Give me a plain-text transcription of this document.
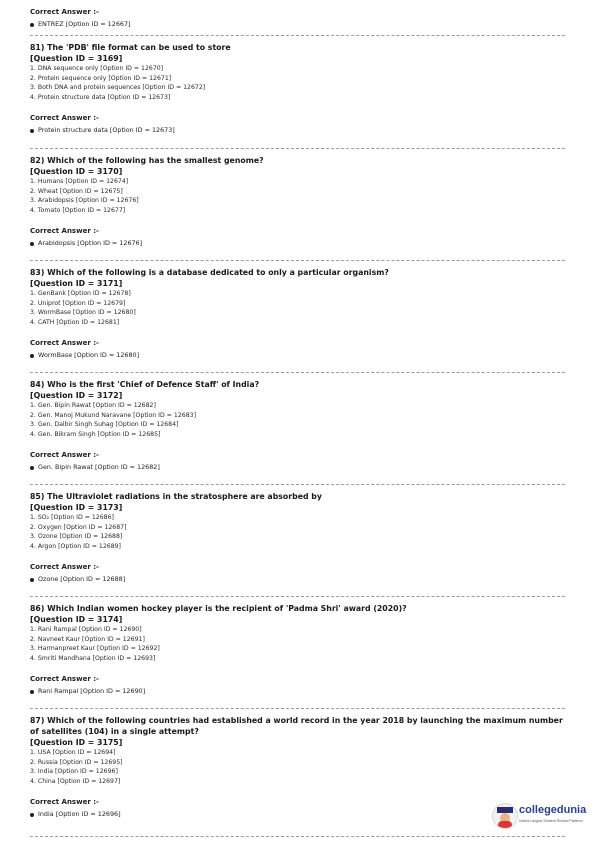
Correct Answer :-
ENTREZ [Option ID = 12667]
81) The 'PDB' file format can be used to store
[Question ID = 3169]
1. DNA sequence only [Option ID = 12670]
2. Protein sequence only [Option ID = 12671]
3. Both DNA and protein sequences [Option ID = 12672]
4. Protein structure data [Option ID = 12673]
Correct Answer :-
Protein structure data [Option ID = 12673]
82) Which of the following has the smallest genome?
[Question ID = 3170]
1. Humans [Option ID = 12674]
2. Wheat [Option ID = 12675]
3. Arabidopsis [Option ID = 12676]
4. Tomato [Option ID = 12677]
Correct Answer :-
Arabidopsis [Option ID = 12676]
83) Which of the following is a database dedicated to only a particular organism?
[Question ID = 3171]
1. GenBank [Option ID = 12678]
2. Uniprot [Option ID = 12679]
3. WormBase [Option ID = 12680]
4. CATH [Option ID = 12681]
Correct Answer :-
WormBase [Option ID = 12680]
84) Who is the first 'Chief of Defence Staff' of India?
[Question ID = 3172]
1. Gen. Bipin Rawat [Option ID = 12682]
2. Gen. Manoj Mukund Naravane [Option ID = 12683]
3. Gen. Dalbir Singh Suhag [Option ID = 12684]
4. Gen. Bikram Singh [Option ID = 12685]
Correct Answer :-
Gen. Bipin Rawat [Option ID = 12682]
85) The Ultraviolet radiations in the stratosphere are absorbed by
[Question ID = 3173]
1. SO₂ [Option ID = 12686]
2. Oxygen [Option ID = 12687]
3. Ozone [Option ID = 12688]
4. Argon [Option ID = 12689]
Correct Answer :-
Ozone [Option ID = 12688]
86) Which Indian women hockey player is the recipient of 'Padma Shri' award (2020)?
[Question ID = 3174]
1. Rani Rampal [Option ID = 12690]
2. Navneet Kaur [Option ID = 12691]
3. Harmanpreet Kaur [Option ID = 12692]
4. Smriti Mandhana [Option ID = 12693]
Correct Answer :-
Rani Rampal [Option ID = 12690]
87) Which of the following countries had established a world record in the year 2018 by launching the maximum number of satellites (104) in a single attempt?
[Question ID = 3175]
1. USA [Option ID = 12694]
2. Russia [Option ID = 12695]
3. India [Option ID = 12696]
4. China [Option ID = 12697]
Correct Answer :-
India [Option ID = 12696]	collegedunia
India's Largest Student Review Platform
